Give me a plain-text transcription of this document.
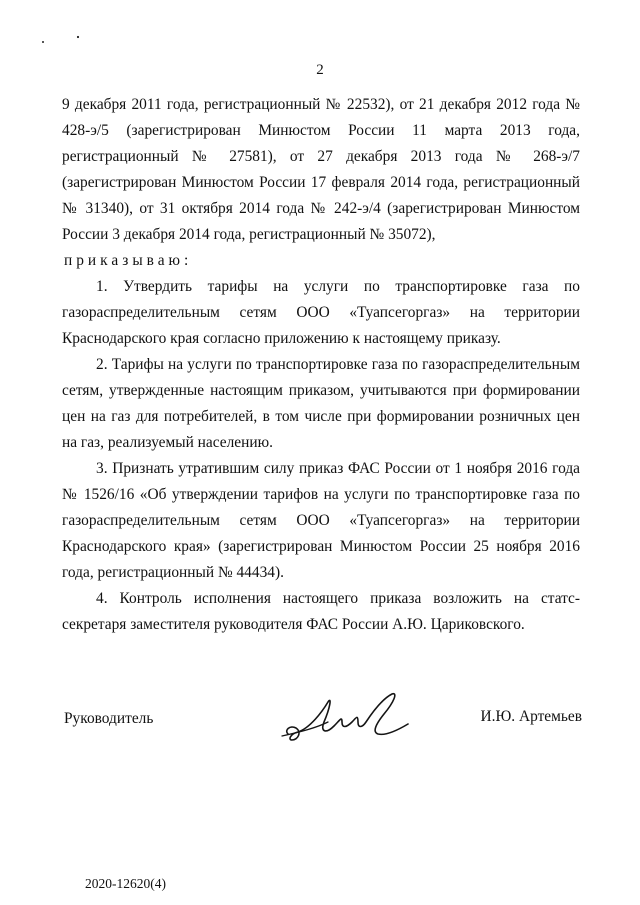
2

9 декабря 2011 года, регистрационный № 22532), от 21 декабря 2012 года № 428-э/5 (зарегистрирован Минюстом России 11 марта 2013 года, регистрационный № 27581), от 27 декабря 2013 года № 268-э/7 (зарегистрирован Минюстом России 17 февраля 2014 года, регистрационный № 31340), от 31 октября 2014 года № 242-э/4 (зарегистрирован Минюстом России 3 декабря 2014 года, регистрационный № 35072),

приказываю:

1. Утвердить тарифы на услуги по транспортировке газа по газораспределительным сетям ООО «Туапсегоргаз» на территории Краснодарского края согласно приложению к настоящему приказу.

2. Тарифы на услуги по транспортировке газа по газораспределительным сетям, утвержденные настоящим приказом, учитываются при формировании цен на газ для потребителей, в том числе при формировании розничных цен на газ, реализуемый населению.

3. Признать утратившим силу приказ ФАС России от 1 ноября 2016 года № 1526/16 «Об утверждении тарифов на услуги по транспортировке газа по газораспределительным сетям ООО «Туапсегоргаз» на территории Краснодарского края» (зарегистрирован Минюстом России 25 ноября 2016 года, регистрационный № 44434).

4. Контроль исполнения настоящего приказа возложить на статс-секретаря заместителя руководителя ФАС России А.Ю. Цариковского.

Руководитель	И.Ю. Артемьев
2020-12620(4)
